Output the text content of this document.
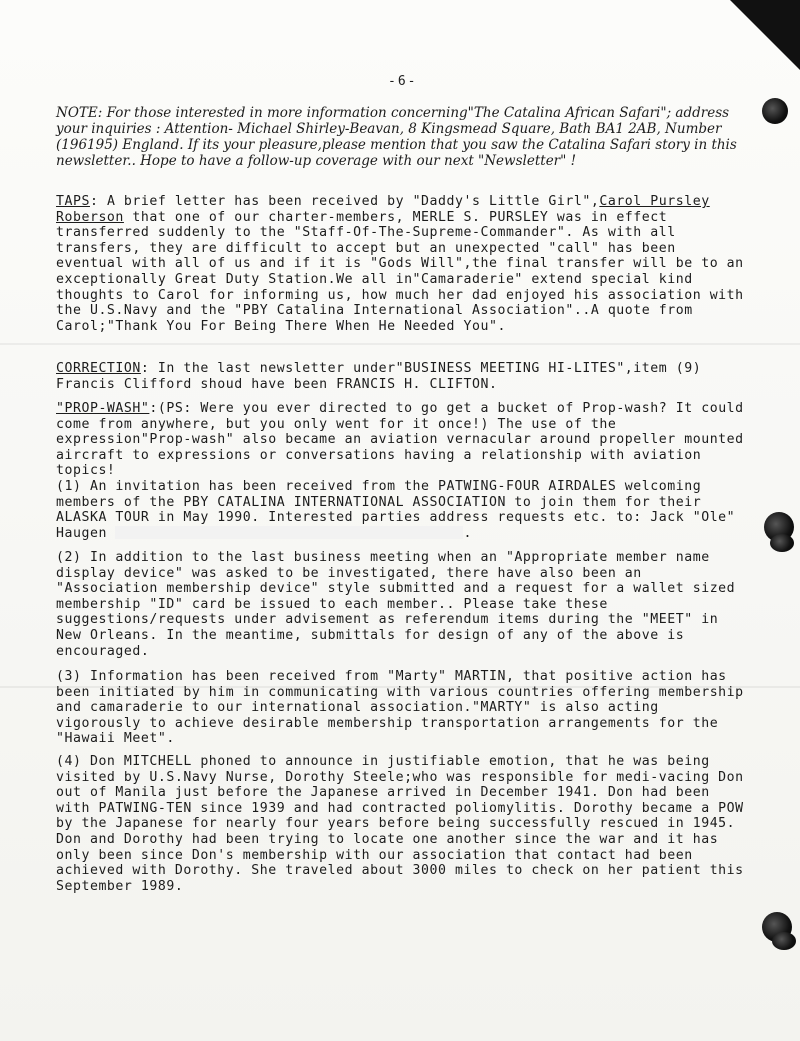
-6-
NOTE: For those interested in more information concerning"The Catalina African Safari"; address your inquiries : Attention- Michael Shirley-Beavan, 8 Kingsmead Square, Bath BA1 2AB, Number (196195) England. If its your pleasure,please mention that you saw the Catalina Safari story in this newsletter.. Hope to have a follow-up coverage with our next "Newsletter" !
TAPS: A brief letter has been received by "Daddy's Little Girl",Carol Pursley Roberson that one of our charter-members, MERLE S. PURSLEY was in effect transferred suddenly to the "Staff-Of-The-Supreme-Commander". As with all transfers, they are difficult to accept but an unexpected "call" has been eventual with all of us and if it is "Gods Will",the final transfer will be to an exceptionally Great Duty Station.We all in"Camaraderie" extend special kind thoughts to Carol for informing us, how much her dad enjoyed his association with the U.S.Navy and the "PBY Catalina International Association"..A quote from Carol;"Thank You For Being There When He Needed You".
CORRECTION: In the last newsletter under"BUSINESS MEETING HI-LITES",item (9) Francis Clifford shoud have been FRANCIS H. CLIFTON.
"PROP-WASH":(PS: Were you ever directed to go get a bucket of Prop-wash? It could come from anywhere, but you only went for it once!) The use of the expression"Prop-wash" also became an aviation vernacular around propeller mounted aircraft to expressions or conversations having a relationship with aviation topics!
(1) An invitation has been received from the PATWING-FOUR AIRDALES welcoming members of the PBY CATALINA INTERNATIONAL ASSOCIATION to join them for their ALASKA TOUR in May 1990. Interested parties address requests etc. to: Jack "Ole" Haugen	.
(2) In addition to the last business meeting when an "Appropriate member name display device" was asked to be investigated, there have also been an "Association membership device" style submitted and a request for a wallet sized membership "ID" card be issued to each member.. Please take these suggestions/requests under advisement as referendum items during the "MEET" in New Orleans. In the meantime, submittals for design of any of the above is encouraged.
(3) Information has been received from "Marty" MARTIN, that positive action has been initiated by him in communicating with various countries offering membership and camaraderie to our international association."MARTY" is also acting vigorously to achieve desirable membership transportation arrangements for the "Hawaii Meet".
(4) Don MITCHELL phoned to announce in justifiable emotion, that he was being visited by U.S.Navy Nurse, Dorothy Steele;who was responsible for medi-vacing Don out of Manila just before the Japanese arrived in December 1941. Don had been with PATWING-TEN since 1939 and had contracted poliomylitis. Dorothy became a POW by the Japanese for nearly four years before being successfully rescued in 1945. Don and Dorothy had been trying to locate one another since the war and it has only been since Don's membership with our association that contact had been achieved with Dorothy. She traveled about 3000 miles to check on her patient this September 1989.
